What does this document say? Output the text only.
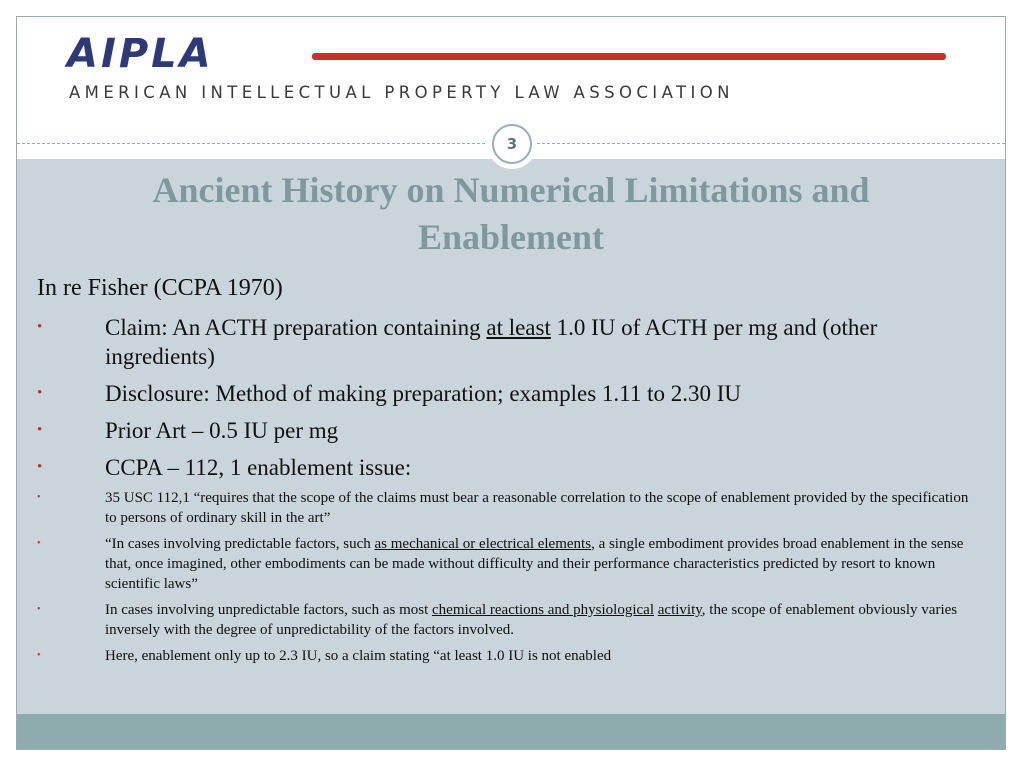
AIPLA
AMERICAN INTELLECTUAL PROPERTY LAW ASSOCIATION
3
Ancient History on Numerical Limitations and
Enablement

In re Fisher (CCPA 1970)

•	Claim: An ACTH preparation containing at least 1.0 IU of ACTH per mg and (other ingredients)
•	Disclosure: Method of making preparation; examples 1.11 to 2.30 IU
•	Prior Art – 0.5 IU per mg
•	CCPA – 112, 1 enablement issue:
•	35 USC 112,1 “requires that the scope of the claims must bear a reasonable correlation to the scope of enablement provided by the specification to persons of ordinary skill in the art”
•	“In cases involving predictable factors, such as mechanical or electrical elements, a single embodiment provides broad enablement in the sense that, once imagined, other embodiments can be made without difficulty and their performance characteristics predicted by resort to known scientific laws”
•	In cases involving unpredictable factors, such as most chemical reactions and physiological activity, the scope of enablement obviously varies inversely with the degree of unpredictability of the factors involved.
•	Here, enablement only up to 2.3 IU, so a claim stating “at least 1.0 IU is not enabled
